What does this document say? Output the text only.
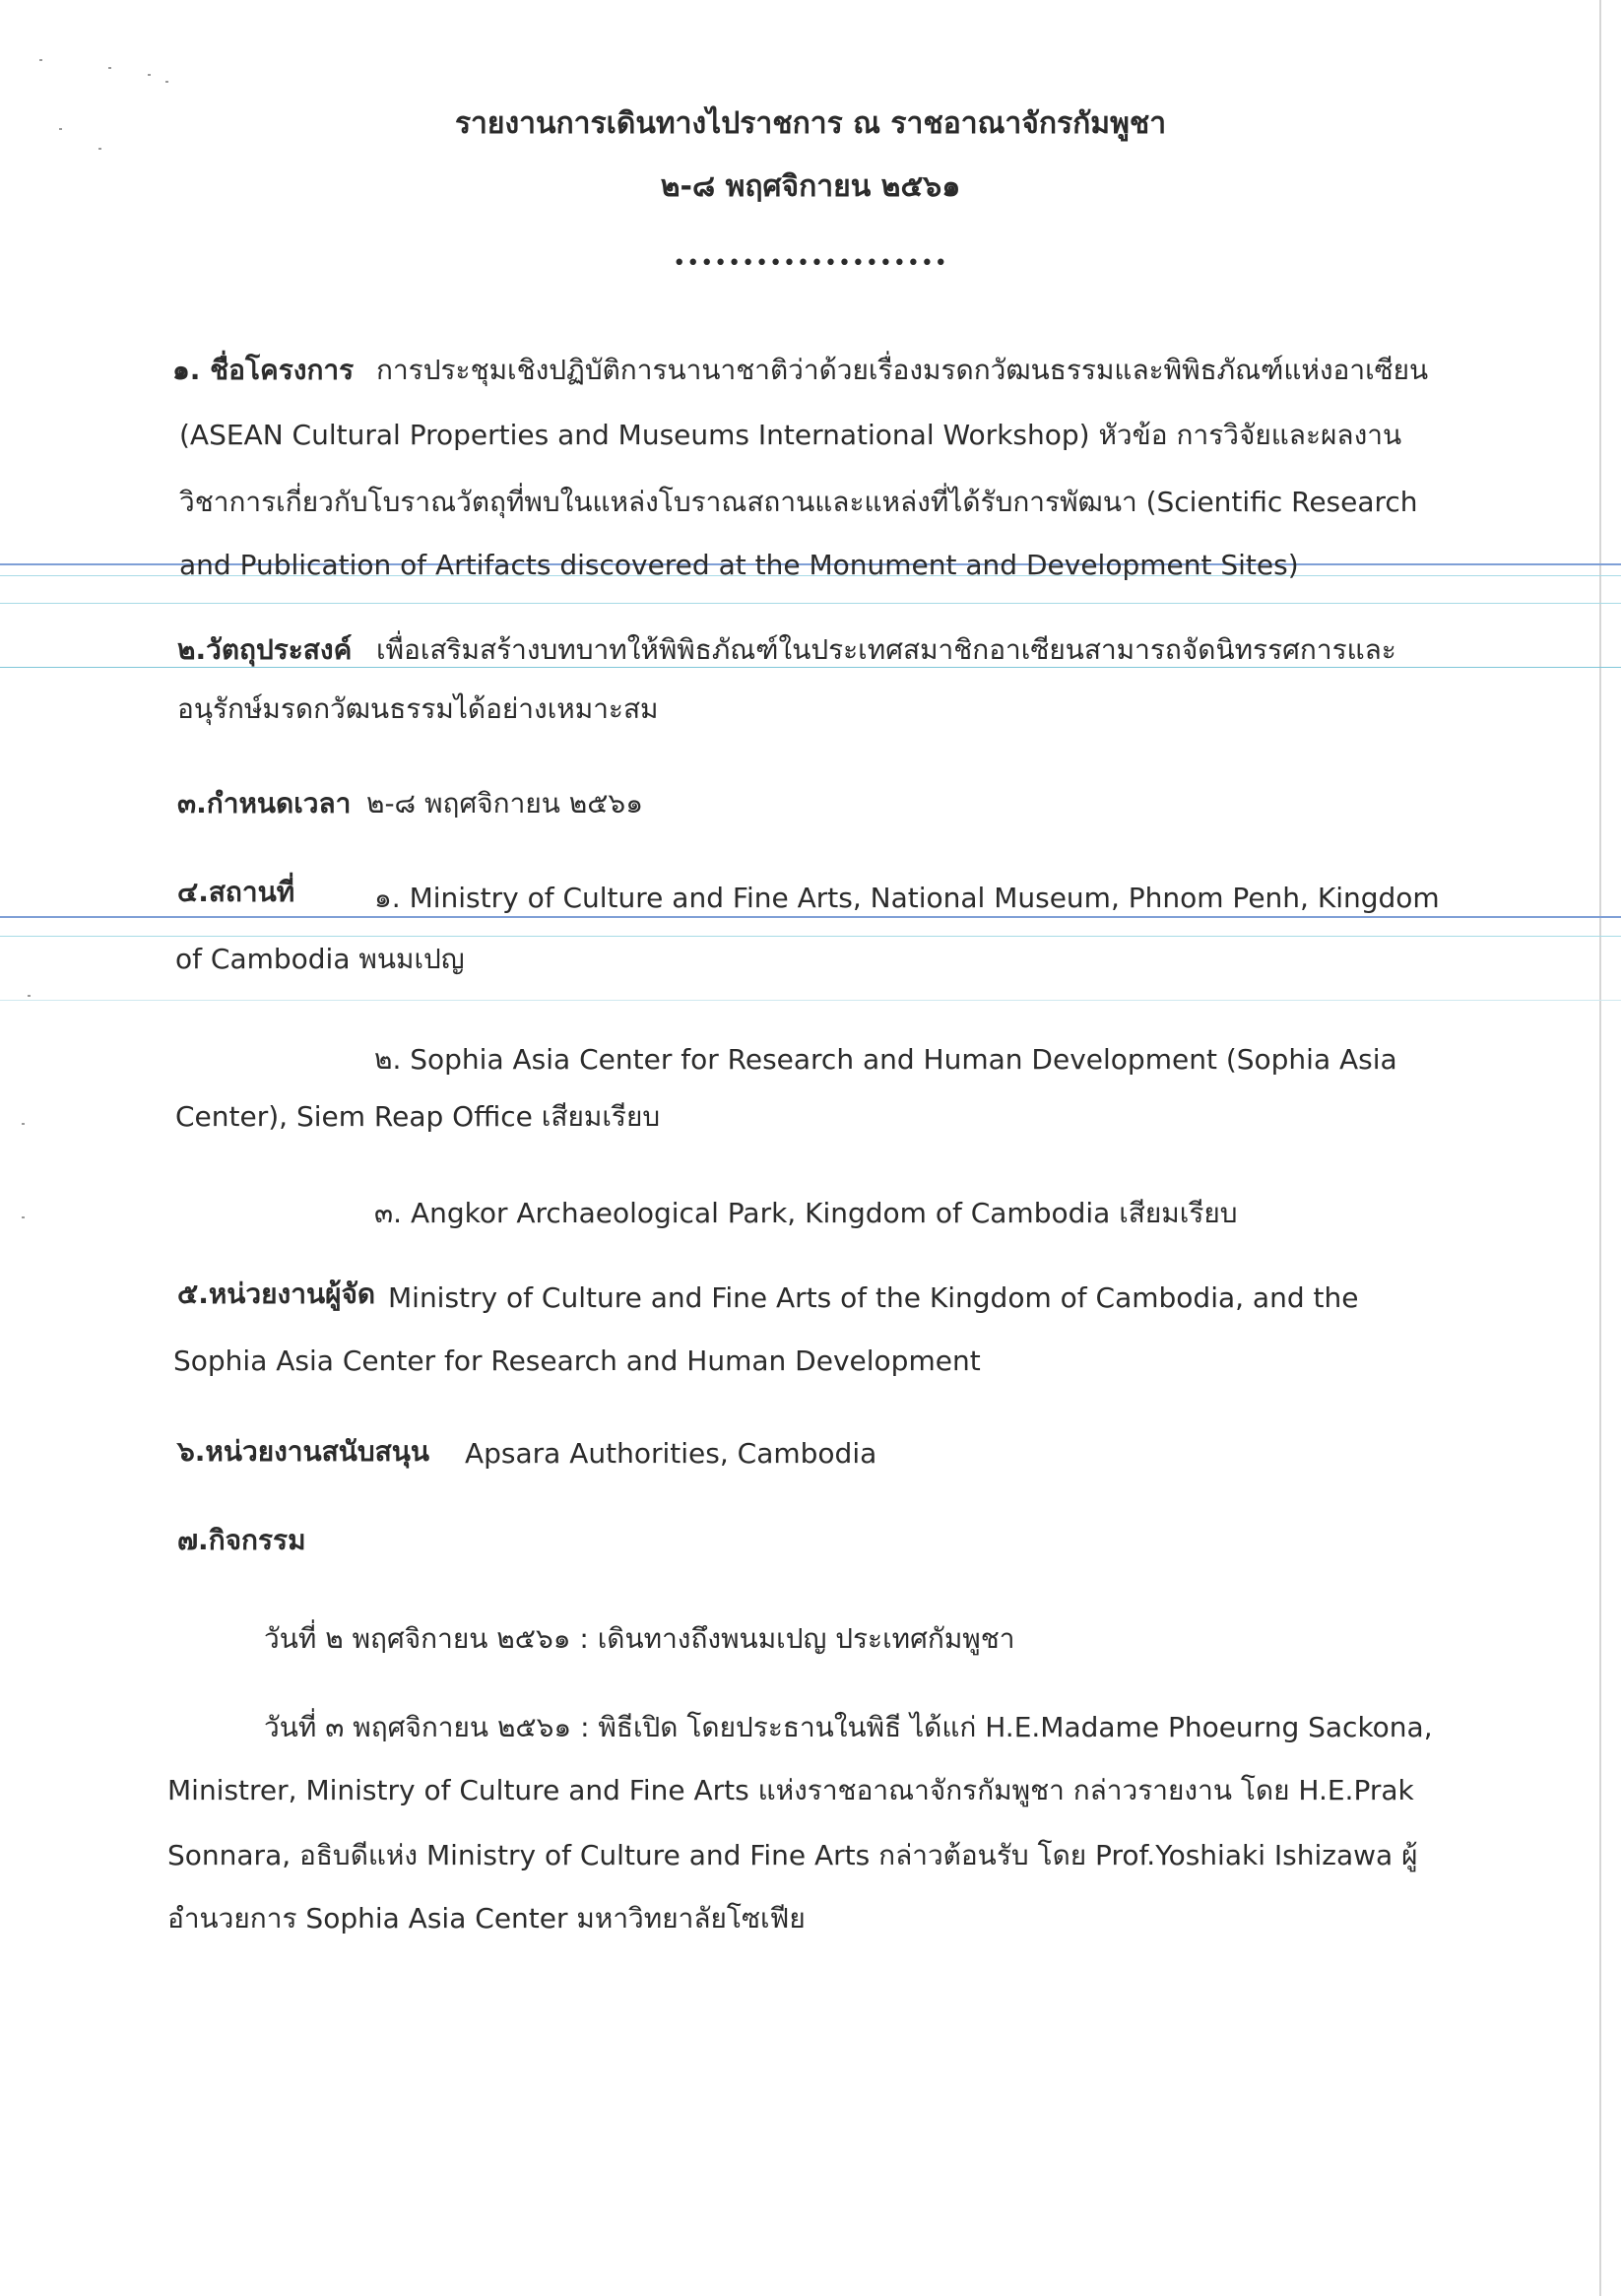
รายงานการเดินทางไปราชการ ณ ราชอาณาจักรกัมพูชา
๒-๘ พฤศจิกายน ๒๕๖๑
••••••••••••••••••••
๑. ชื่อโครงการ การประชุมเชิงปฏิบัติการนานาชาติว่าด้วยเรื่องมรดกวัฒนธรรมและพิพิธภัณฑ์แห่งอาเซียน
(ASEAN Cultural Properties and Museums International Workshop) หัวข้อ การวิจัยและผลงาน
วิชาการเกี่ยวกับโบราณวัตถุที่พบในแหล่งโบราณสถานและแหล่งที่ได้รับการพัฒนา (Scientific Research
and Publication of Artifacts discovered at the Monument and Development Sites)
๒.วัตถุประสงค์ เพื่อเสริมสร้างบทบาทให้พิพิธภัณฑ์ในประเทศสมาชิกอาเซียนสามารถจัดนิทรรศการและ
อนุรักษ์มรดกวัฒนธรรมได้อย่างเหมาะสม
๓.กำหนดเวลา ๒-๘ พฤศจิกายน ๒๕๖๑
๔.สถานที่	๑. Ministry of Culture and Fine Arts, National Museum, Phnom Penh, Kingdom
of Cambodia พนมเปญ
๒. Sophia Asia Center for Research and Human Development (Sophia Asia
Center), Siem Reap Office เสียมเรียบ
๓. Angkor Archaeological Park, Kingdom of Cambodia เสียมเรียบ
๕.หน่วยงานผู้จัด Ministry of Culture and Fine Arts of the Kingdom of Cambodia, and the
Sophia Asia Center for Research and Human Development
๖.หน่วยงานสนับสนุน Apsara Authorities, Cambodia
๗.กิจกรรม
วันที่ ๒ พฤศจิกายน ๒๕๖๑ : เดินทางถึงพนมเปญ ประเทศกัมพูชา
วันที่ ๓ พฤศจิกายน ๒๕๖๑ : พิธีเปิด โดยประธานในพิธี ได้แก่ H.E.Madame Phoeurng Sackona,
Ministrer, Ministry of Culture and Fine Arts แห่งราชอาณาจักรกัมพูชา กล่าวรายงาน โดย H.E.Prak
Sonnara, อธิบดีแห่ง Ministry of Culture and Fine Arts กล่าวต้อนรับ โดย Prof.Yoshiaki Ishizawa ผู้
อำนวยการ Sophia Asia Center มหาวิทยาลัยโซเฟีย
